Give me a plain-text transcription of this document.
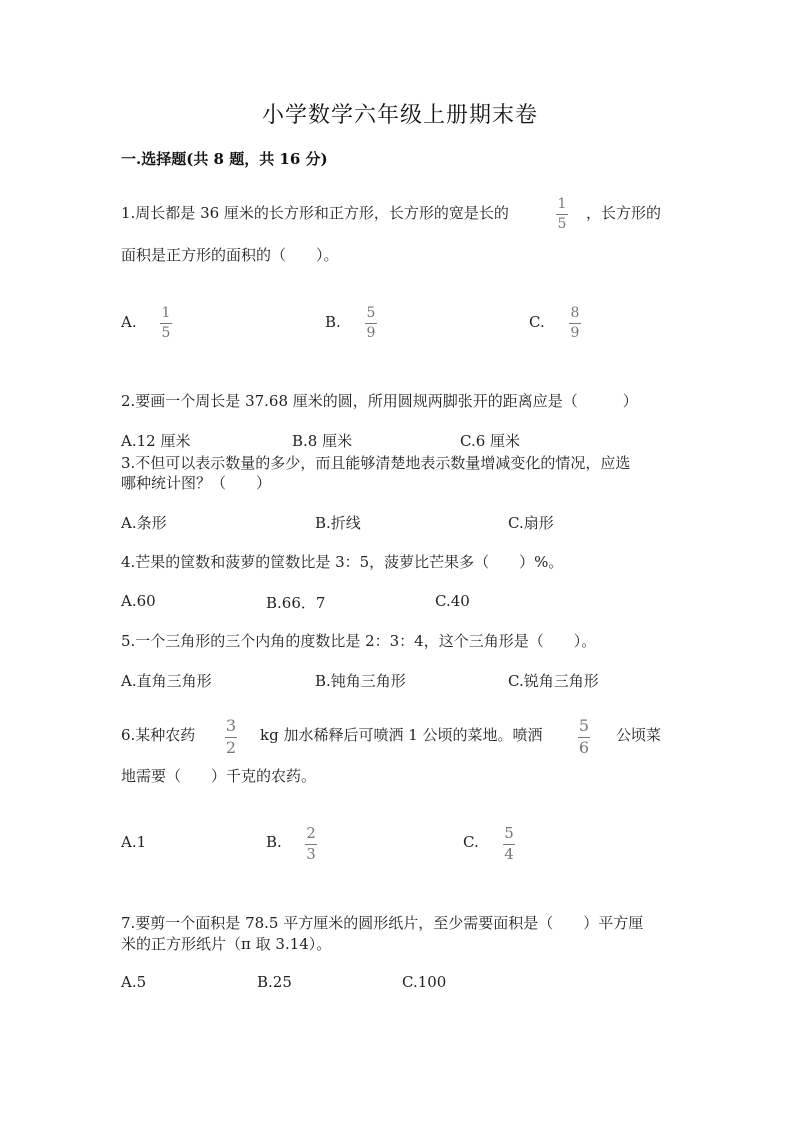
小学数学六年级上册期末卷
一.选择题(共 8 题，共 16 分)
1.周长都是 36 厘米的长方形和正方形，长方形的宽是长的	1
5
，长方形的
面积是正方形的面积的（　　）。
A. 1
5
B. 5
9
C. 8
9
2.要画一个周长是 37.68 厘米的圆，所用圆规两脚张开的距离应是（　　　）
A.12 厘米	B.8 厘米	C.6 厘米
3.不但可以表示数量的多少，而且能够清楚地表示数量增减变化的情况，应选
哪种统计图？（　　）
A.条形	B.折线	C.扇形
4.芒果的筐数和菠萝的筐数比是 3：5，菠萝比芒果多（　　）%。
A.60	B.66．7	C.40
5.一个三角形的三个内角的度数比是 2：3：4，这个三角形是（　　）。
A.直角三角形	B.钝角三角形	C.锐角三角形
6.某种农药 3
2
kg 加水稀释后可喷洒 1 公顷的菜地。喷洒 5
6
公顷菜
地需要（　　）千克的农药。
A.1	B. 2
3
C. 5
4
7.要剪一个面积是 78.5 平方厘米的圆形纸片，至少需要面积是（　　）平方厘
米的正方形纸片（π 取 3.14）。
A.5	B.25	C.100
